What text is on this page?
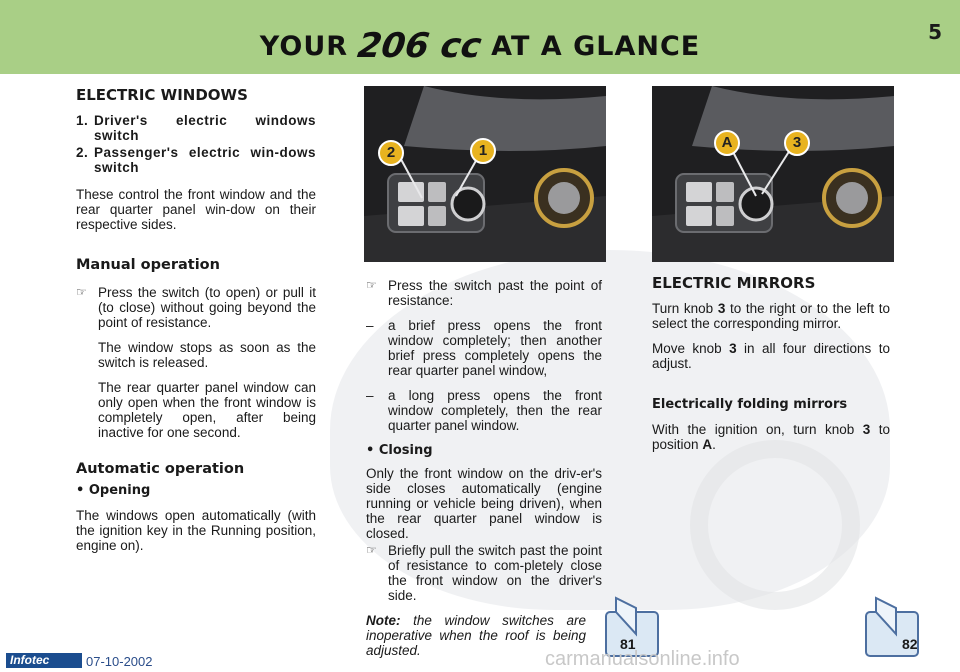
YOUR 206 cc AT A GLANCE	5
ELECTRIC WINDOWS

1. Driver's electric windows switch

2. Passenger's electric win-dows switch

These control the front window and the rear quarter panel win-dow on their respective sides.

Manual operation

☞ Press the switch (to open) or pull it (to close) without going beyond the point of resistance.

The window stops as soon as the switch is released.

The rear quarter panel window can only open when the front window is completely open, after being inactive for one second.

Automatic operation

• Opening

The windows open automatically (with the ignition key in the Running position, engine on).

2	1	A	3

☞ Press the switch past the point of resistance:

– a brief press opens the front window completely; then another brief press completely opens the rear quarter panel window,

– a long press opens the front window completely, then the rear quarter panel window.

• Closing

Only the front window on the driv-er's side closes automatically (engine running or vehicle being driven), when the rear quarter panel window is closed.

☞ Briefly pull the switch past the point of resistance to com-pletely close the front window on the driver's side.

Note: the window switches are inoperative when the roof is being adjusted.

ELECTRIC MIRRORS

Turn knob 3 to the right or to the left to select the corresponding mirror.

Move knob 3 in all four directions to adjust.

Electrically folding mirrors

With the ignition on, turn knob 3 to position A.

81	82
Infotec	07-10-2002	carmanualsonline.info
